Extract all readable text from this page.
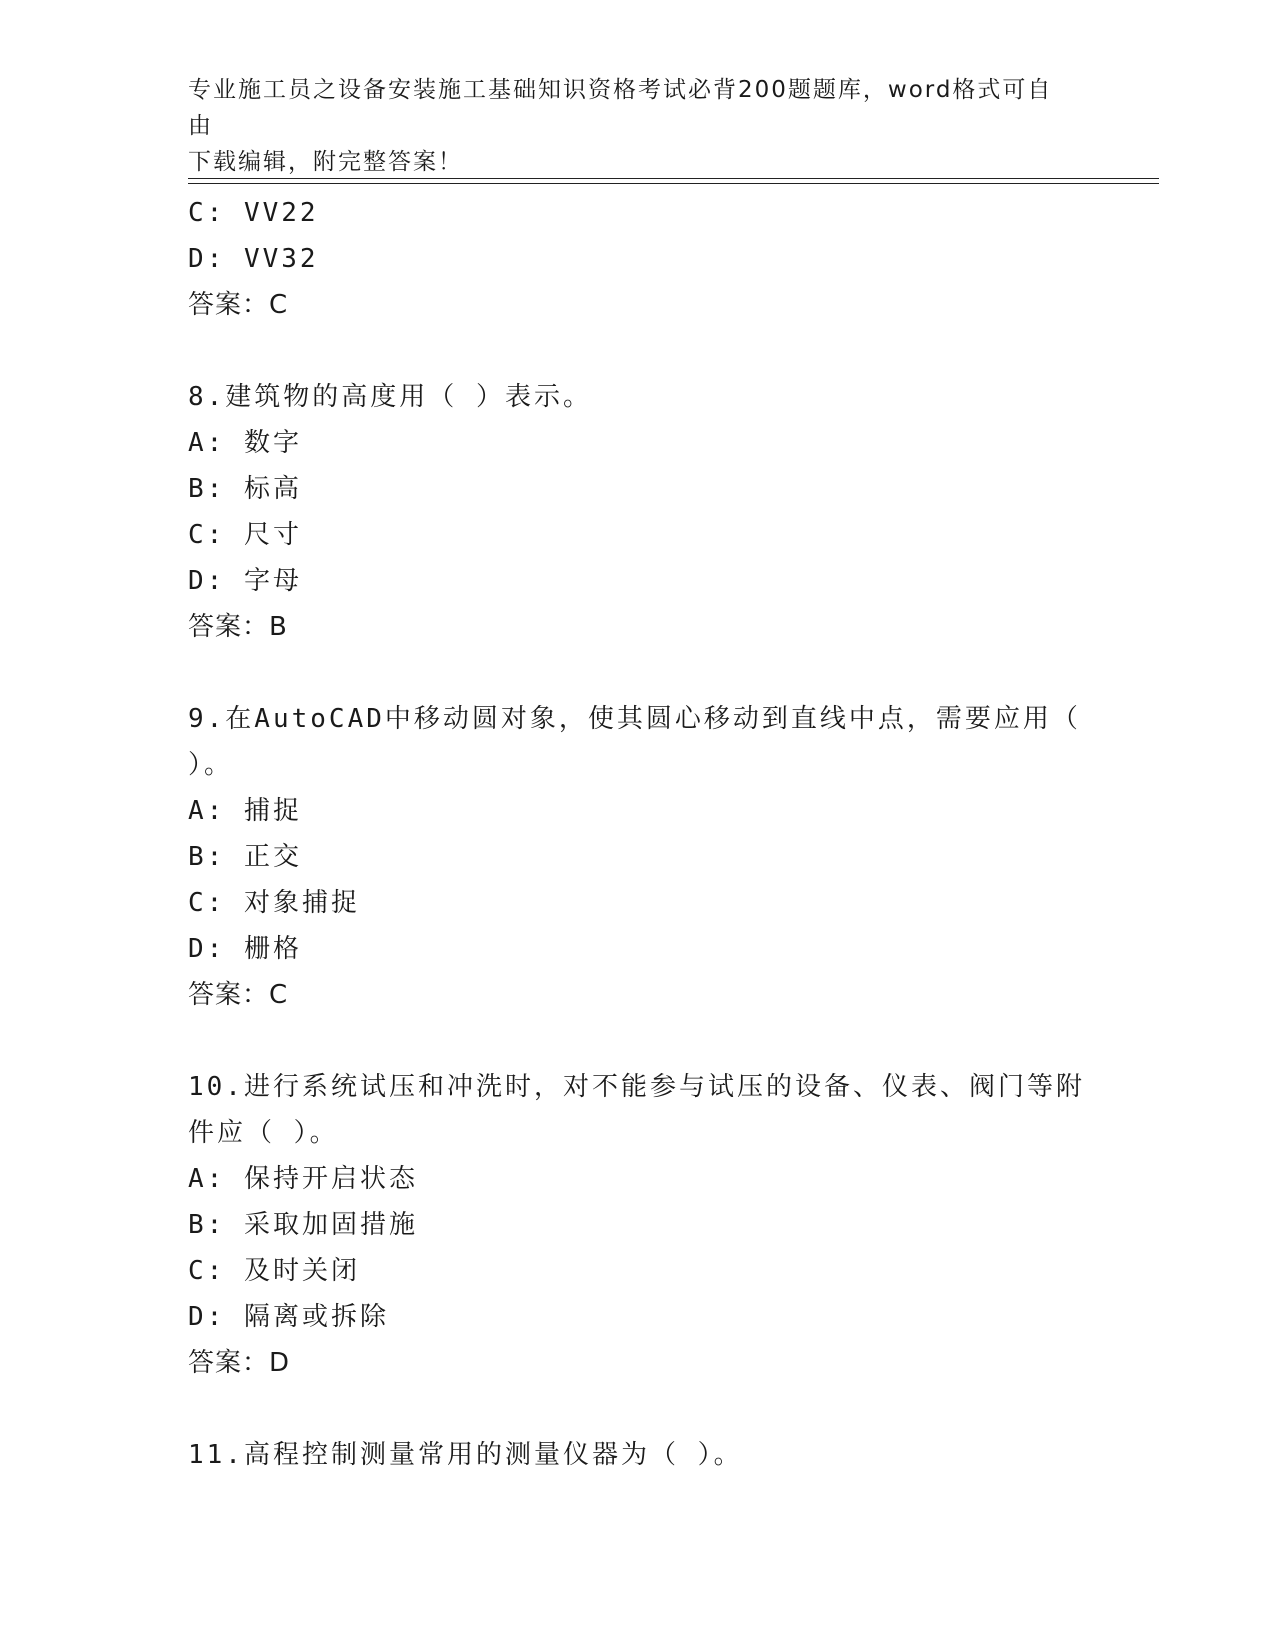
专业施工员之设备安装施工基础知识资格考试必背200题题库，word格式可自由
下载编辑，附完整答案！
C: VV22
D: VV32
答案：C
8.建筑物的高度用（ ）表示。
A: 数字
B: 标高
C: 尺寸
D: 字母
答案：B
9.在AutoCAD中移动圆对象，使其圆心移动到直线中点，需要应用（
）。
A: 捕捉
B: 正交
C: 对象捕捉
D: 栅格
答案：C
10.进行系统试压和冲洗时，对不能参与试压的设备、仪表、阀门等附
件应（ ）。
A: 保持开启状态
B: 采取加固措施
C: 及时关闭
D: 隔离或拆除
答案：D
11.高程控制测量常用的测量仪器为（ ）。
